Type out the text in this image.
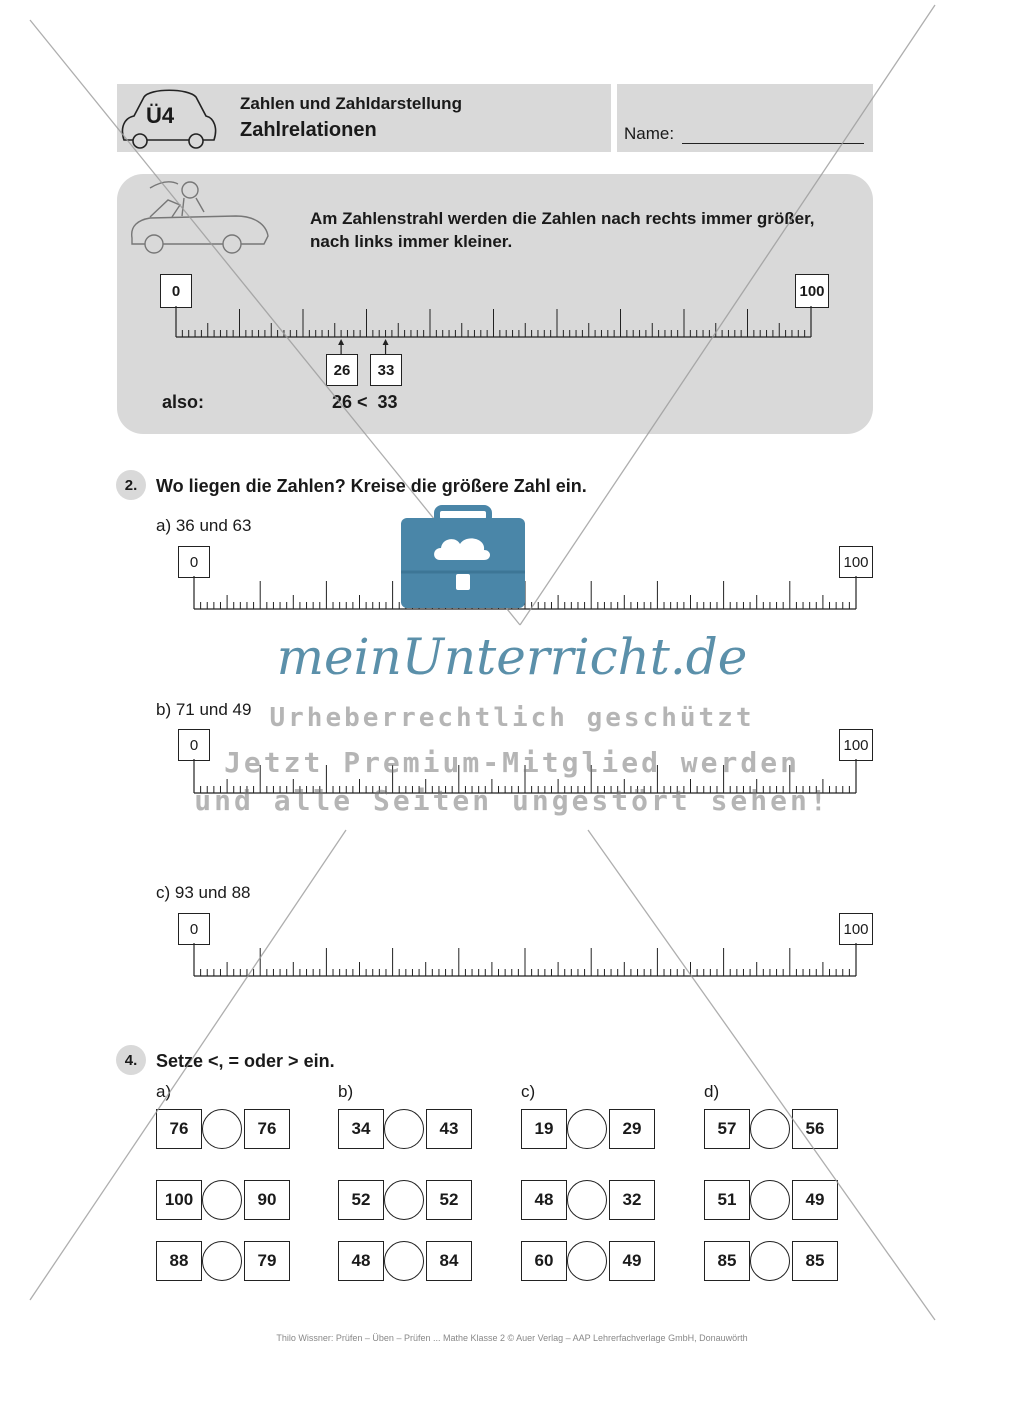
Ü4	Zahlen und Zahldarstellung
Zahlrelationen	Name:
Am Zahlenstrahl werden die Zahlen nach rechts immer größer, nach links immer kleiner.
0	100
26	33
also:	26 <  33
2.	Wo liegen die Zahlen? Kreise die größere Zahl ein.
a) 36 und 63
0	100
b) 71 und 49
0	100
c) 93 und 88
0	100
4.	Setze <, = oder > ein.
a)
76	76
100	90
88	79
b)
34	43
52	52
48	84
c)
19	29
48	32
60	49
d)
57	56
51	49
85	85
meinUnterricht.de
Urheberrechtlich geschützt
Jetzt Premium-Mitglied werden
und alle Seiten ungestört sehen!
Thilo Wissner: Prüfen – Üben – Prüfen ... Mathe Klasse 2 © Auer Verlag – AAP Lehrerfachverlage GmbH, Donauwörth
